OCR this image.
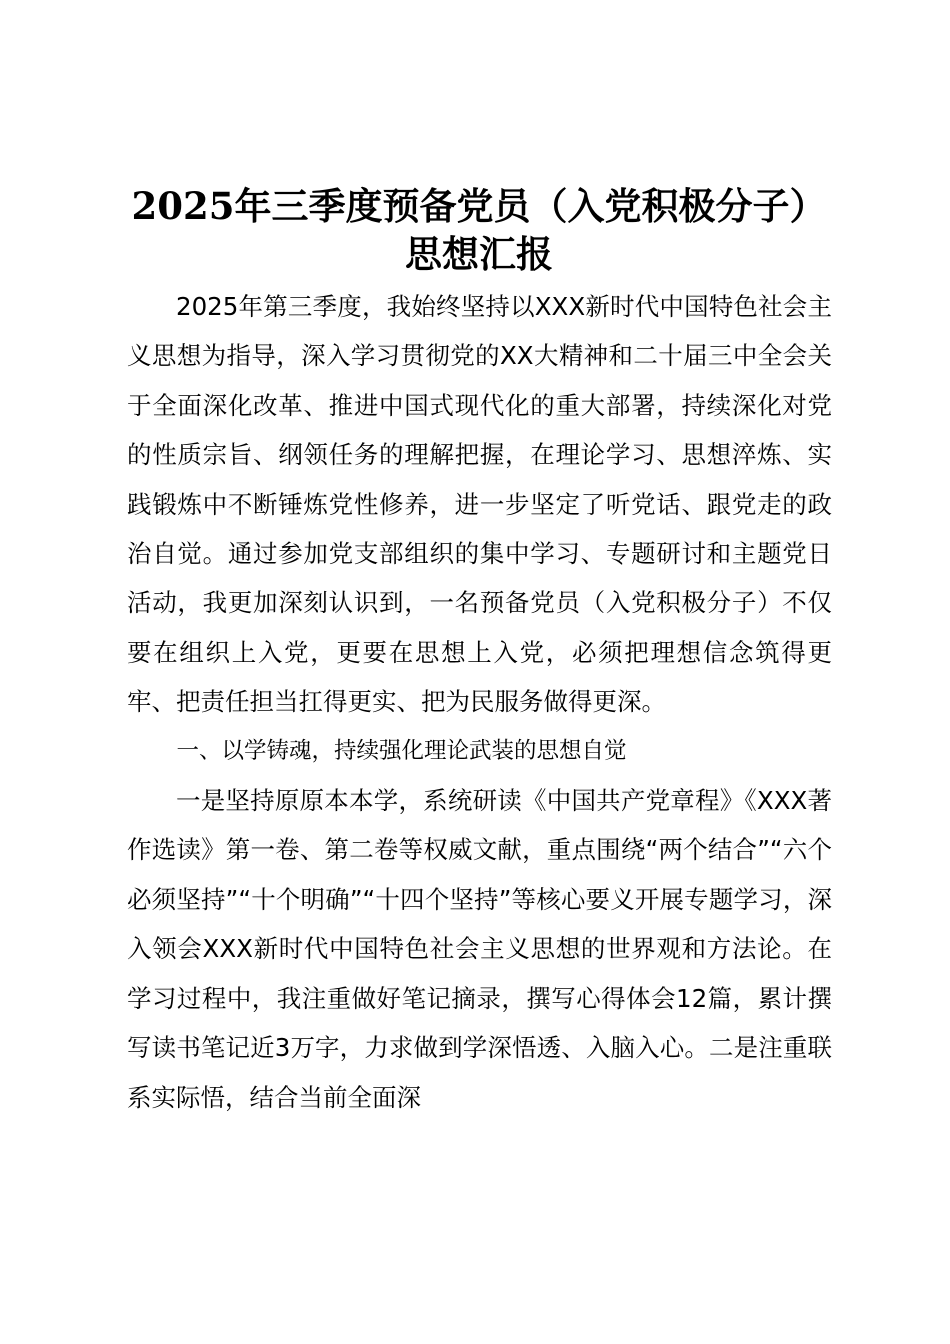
2025年三季度预备党员（入党积极分子）思想汇报

2025年第三季度，我始终坚持以XXX新时代中国特色社会主义思想为指导，深入学习贯彻党的XX大精神和二十届三中全会关于全面深化改革、推进中国式现代化的重大部署，持续深化对党的性质宗旨、纲领任务的理解把握，在理论学习、思想淬炼、实践锻炼中不断锤炼党性修养，进一步坚定了听党话、跟党走的政治自觉。通过参加党支部组织的集中学习、专题研讨和主题党日活动，我更加深刻认识到，一名预备党员（入党积极分子）不仅要在组织上入党，更要在思想上入党，必须把理想信念筑得更牢、把责任担当扛得更实、把为民服务做得更深。

一、以学铸魂，持续强化理论武装的思想自觉

一是坚持原原本本学，系统研读《中国共产党章程》《XXX著作选读》第一卷、第二卷等权威文献，重点围绕“两个结合”“六个必须坚持”“十个明确”“十四个坚持”等核心要义开展专题学习，深入领会XXX新时代中国特色社会主义思想的世界观和方法论。在学习过程中，我注重做好笔记摘录，撰写心得体会12篇，累计撰写读书笔记近3万字，力求做到学深悟透、入脑入心。二是注重联系实际悟，结合当前全面深
